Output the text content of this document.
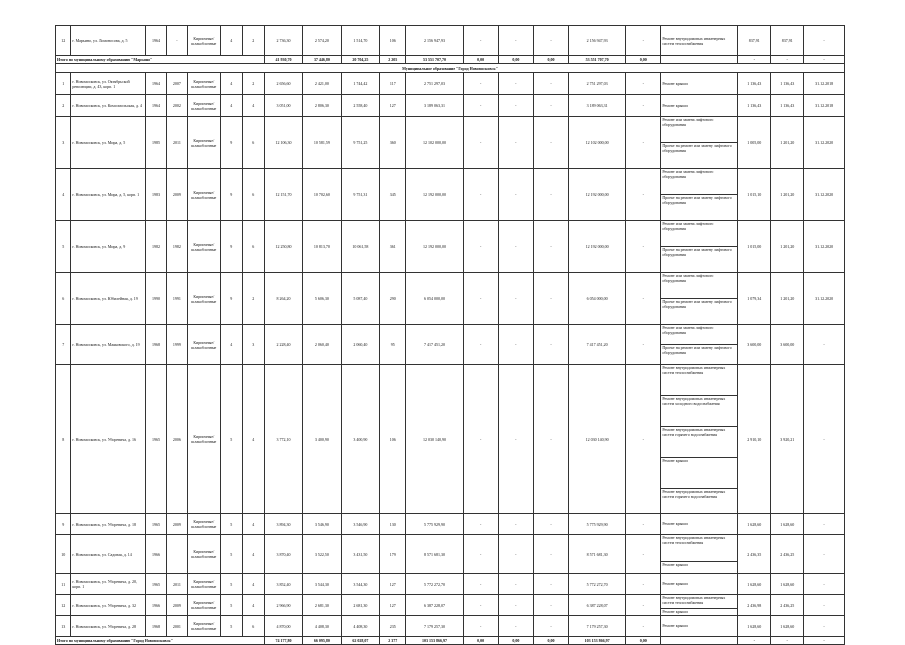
12	г. Марьино, ул. Ломоносова, д. 5	1964	-	Кирпичные/ шлакоблочные	4	2	2 736,30	2 574,20	1 514,70	106	2 156 947,93	-	-	-	2 156 947,93	-	Ремонт внутридомовых инженерных систем теплоснабжения	837,91	837,91	-
Итого по муниципальному образованию "Марьино"							41 930,70	37 446,80	20 704,25	2 205	53 551 707,70	0,00	0,00	0,00	53 551 707,70	0,00		-	-	-
Муниципальное образование "Город Новомосковск"																				
1	г. Новомосковск, ул. Октябрьской революции, д. 43, корп. 1	1964	2007	Кирпичные/ шлакоблочные	4	2	2 656,60	2 421,00	1 744,42	117	2 751 297,03	-	-	-	2 751 297,03	-	Ремонт крыши	1 136,43	1 136,43	31.12.2018
2	г. Новомосковск, ул. Комсомольская, д. 4	1964	2002	Кирпичные/ шлакоблочные	4	4	3 051,00	2 806,30	2 558,40	127	3 189 063,31	-	-	-	3 189 063,31	-	Ремонт крыши	1 136,43	1 136,43	31.12.2018
3	г. Новомосковск, ул. Мира, д. 5	1985	2011	Кирпичные/ шлакоблочные	9	6	12 106,30	10 581,59	9 751,25	360	12 102 000,00	-	-	-	12 102 000,00	-	Ремонт или замена лифтового оборудования
Проект на ремонт или замену лифтового оборудования	1 005,00	1 201,20	31.12.2020
4	г. Новомосковск, ул. Мира, д. 5, корп. 1	1983	2009	Кирпичные/ шлакоблочные	9	6	12 151,70	10 702,60	9 751,31	345	12 192 000,00	-	-	-	12 192 000,00	-	Ремонт или замена лифтового оборудования
Проект на ремонт или замену лифтового оборудования	1 015,10	1 201,20	31.12.2020
5	г. Новомосковск, ул. Мира, д. 9	1982	1982	Кирпичные/ шлакоблочные	9	6	12 250,80	10 813,70	10 061,58	361	12 192 000,00	-	-	-	12 192 000,00	-	Ремонт или замена лифтового оборудования
Проект на ремонт или замену лифтового оборудования	1 015,00	1 201,20	31.12.2020
6	г. Новомосковск, ул. Юбилейная, д. 19	1990	1991	Кирпичные/ шлакоблочные	9	2	8 264,20	5 606,30	5 087,40	290	6 054 000,00	-	-	-	6 054 000,00	-	Ремонт или замена лифтового оборудования
Проект на ремонт или замену лифтового оборудования	1 079,34	1 201,20	31.12.2020
7	г. Новомосковск, ул. Маяковского, д. 19	1968	1999	Кирпичные/ шлакоблочные	4	3	2 228,40	2 060,40	2 060,40	95	7 417 451,20	-	-	-	7 417 451,20	-	Ремонт или замена лифтового оборудования
Проект на ремонт или замену лифтового оборудования	3 600,00	3 600,00	-
8	г. Новомосковск, ул. Уборевича, д. 16	1965	2006	Кирпичные/ шлакоблочные	5	4	3 772,10	3 400,90	3 400,90	106	12 030 140,90	-	-	-	12 030 140,90	-	Ремонт внутридомовых инженерных систем теплоснабжения
Ремонт внутридомовых инженерных систем холодного водоснабжения
Ремонт внутридомовых инженерных систем горячего водоснабжения
Ремонт крыши
Ремонт внутридомовых инженерных систем горячего водоснабжения	2 910,10	3 920,21	-
9	г. Новомосковск, ул. Уборевича, д. 18	1965	2009	Кирпичные/ шлакоблочные	5	4	3 894,30	3 546,90	3 546,90	130	5 775 929,90	-	-	-	5 775 929,90	-	Ремонт крыши	1 628,60	1 628,60	-
10	г. Новомосковск, ул. Садовая, д. 14	1966		Кирпичные/ шлакоблочные	5	4	3 870,40	3 522,50	3 431,50	179	8 571 681,30	-	-	-	8 571 681,30	-	Ремонт внутридомовых инженерных систем теплоснабжения
Ремонт крыши	2 436,35	2 436,25	-
11	г. Новомосковск, ул. Уборевича, д. 20, корп. 1	1965	2011	Кирпичные/ шлакоблочные	5	4	3 852,40	3 544,30	3 544,30	127	5 772 272,70	-	-	-	5 772 272,70	-	Ремонт крыши	1 628,60	1 628,60	-
12	г. Новомосковск, ул. Уборевича, д. 32	1966	2009	Кирпичные/ шлакоблочные	5	4	2 966,90	2 681,30	2 681,30	127	6 387 228,07	-	-	-	6 387 228,07	-	Ремонт внутридомовых инженерных систем теплоснабжения
Ремонт крыши	2 436,98	2 436,25	-
13	г. Новомосковск, ул. Уборевича, д. 28	1968	2001	Кирпичные/ шлакоблочные	5	6	4 870,00	4 408,30	4 408,30	235	7 179 257,30	-	-	-	7 179 257,30	-	Ремонт крыши	1 628,60	1 628,60	-
Итого по муниципальному образованию "Город Новомосковск"							74 177,80	66 095,80	62 028,07	2 377	103 153 866,97	0,00	0,00	0,00	103 153 866,97	0,00		-	-	-
